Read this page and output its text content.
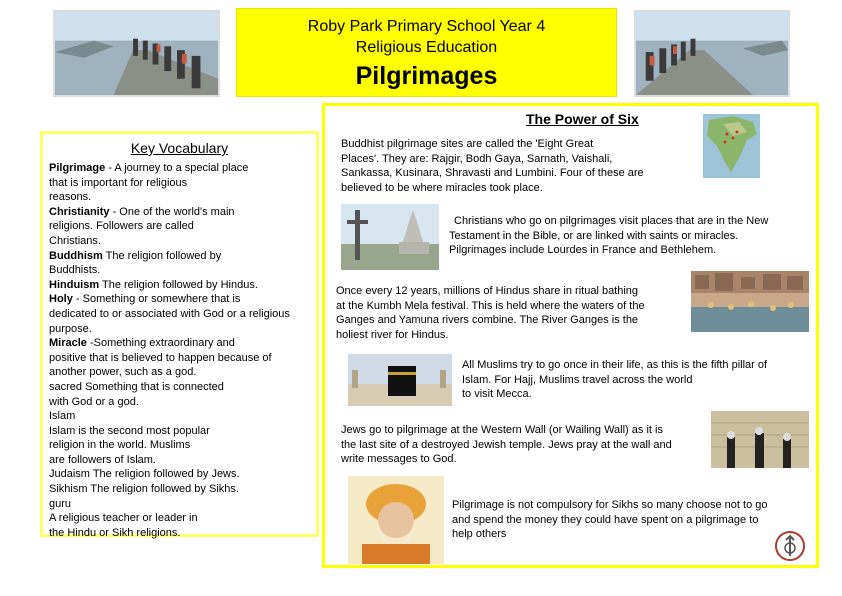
Roby Park Primary School Year 4
Religious Education
Pilgrimages
Key Vocabulary
Pilgrimage - A journey to a special place
that is important for religious
reasons.
Christianity - One of the world's main
religions. Followers are called
Christians.
Buddhism The religion followed by
Buddhists.
Hinduism The religion followed by Hindus.
Holy - Something or somewhere that is
dedicated to or associated with God or a religious
purpose.
Miracle -Something extraordinary and
positive that is believed to happen because of
another power, such as a god.
sacred Something that is connected
with God or a god.
Islam
Islam is the second most popular
religion in the world. Muslims
are followers of Islam.
Judaism The religion followed by Jews.
Sikhism The religion followed by Sikhs.
guru
A religious teacher or leader in
the Hindu or Sikh religions.
The Power of Six
Buddhist pilgrimage sites are called the 'Eight Great
Places'. They are: Rajgir, Bodh Gaya, Sarnath, Vaishali,
Sankassa, Kusinara, Shravasti and Lumbini. Four of these are
believed to be where miracles took place.
Christians who go on pilgrimages visit places that are in the New
Testament in the Bible, or are linked with saints or miracles.
Pilgrimages include Lourdes in France and Bethlehem.
Once every 12 years, millions of Hindus share in ritual bathing
at the Kumbh Mela festival. This is held where the waters of the
Ganges and Yamuna rivers combine. The River Ganges is the
holiest river for Hindus.
All Muslims try to go once in their life, as this is the fifth pillar of
Islam. For Hajj, Muslims travel across the world
to visit Mecca.
Jews go to pilgrimage at the Western Wall (or Wailing Wall) as it is
the last site of a destroyed Jewish temple. Jews pray at the wall and
write messages to God.
Pilgrimage is not compulsory for Sikhs so many choose not to go
and spend the money they could have spent on a pilgrimage to
help others
